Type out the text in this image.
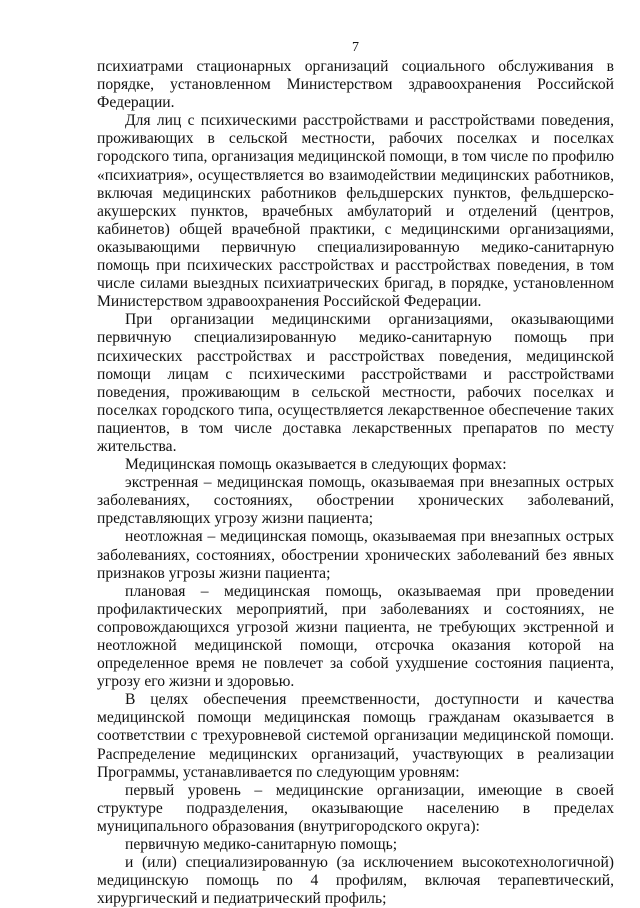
7

психиатрами стационарных организаций социального обслуживания в порядке, установленном Министерством здравоохранения Российской Федерации.

Для лиц с психическими расстройствами и расстройствами поведения, проживающих в сельской местности, рабочих поселках и поселках городского типа, организация медицинской помощи, в том числе по профилю «психиатрия», осуществляется во взаимодействии медицинских работников, включая медицинских работников фельдшерских пунктов, фельдшерско-акушерских пунктов, врачебных амбулаторий и отделений (центров, кабинетов) общей врачебной практики, с медицинскими организациями, оказывающими первичную специализированную медико-санитарную помощь при психических расстройствах и расстройствах поведения, в том числе силами выездных психиатрических бригад, в порядке, установленном Министерством здравоохранения Российской Федерации.

При организации медицинскими организациями, оказывающими первичную специализированную медико-санитарную помощь при психических расстройствах и расстройствах поведения, медицинской помощи лицам с психическими расстройствами и расстройствами поведения, проживающим в сельской местности, рабочих поселках и поселках городского типа, осуществляется лекарственное обеспечение таких пациентов, в том числе доставка лекарственных препаратов по месту жительства.

Медицинская помощь оказывается в следующих формах:

экстренная – медицинская помощь, оказываемая при внезапных острых заболеваниях, состояниях, обострении хронических заболеваний, представляющих угрозу жизни пациента;

неотложная – медицинская помощь, оказываемая при внезапных острых заболеваниях, состояниях, обострении хронических заболеваний без явных признаков угрозы жизни пациента;

плановая – медицинская помощь, оказываемая при проведении профилактических мероприятий, при заболеваниях и состояниях, не сопровождающихся угрозой жизни пациента, не требующих экстренной и неотложной медицинской помощи, отсрочка оказания которой на определенное время не повлечет за собой ухудшение состояния пациента, угрозу его жизни и здоровью.

В целях обеспечения преемственности, доступности и качества медицинской помощи медицинская помощь гражданам оказывается в соответствии с трехуровневой системой организации медицинской помощи. Распределение медицинских организаций, участвующих в реализации Программы, устанавливается по следующим уровням:

первый уровень – медицинские организации, имеющие в своей структуре подразделения, оказывающие населению в пределах муниципального образования (внутригородского округа):

первичную медико-санитарную помощь;

и (или) специализированную (за исключением высокотехнологичной) медицинскую помощь по 4 профилям, включая терапевтический, хирургический и педиатрический профиль;
